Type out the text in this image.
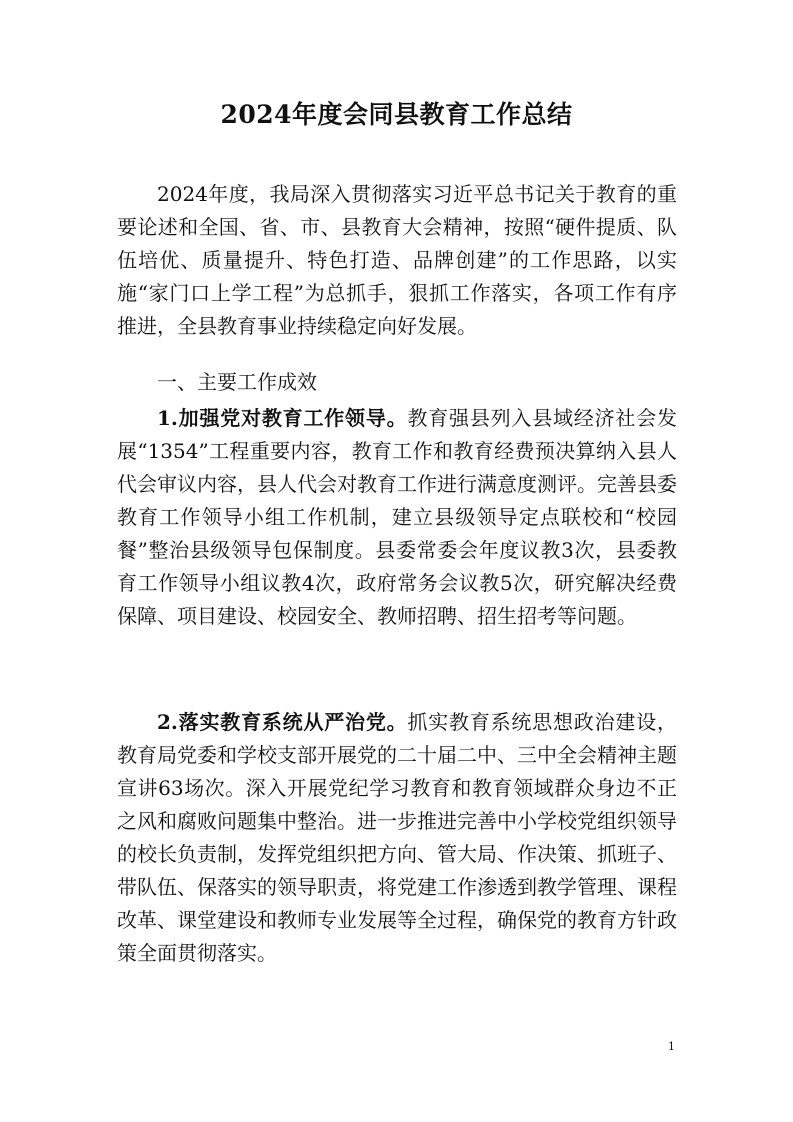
2024年度会同县教育工作总结

2024年度，我局深入贯彻落实习近平总书记关于教育的重要论述和全国、省、市、县教育大会精神，按照“硬件提质、队伍培优、质量提升、特色打造、品牌创建”的工作思路，以实施“家门口上学工程”为总抓手，狠抓工作落实，各项工作有序推进，全县教育事业持续稳定向好发展。

一、主要工作成效

1.加强党对教育工作领导。教育强县列入县域经济社会发展“1354”工程重要内容，教育工作和教育经费预决算纳入县人代会审议内容，县人代会对教育工作进行满意度测评。完善县委教育工作领导小组工作机制，建立县级领导定点联校和“校园餐”整治县级领导包保制度。县委常委会年度议教3次，县委教育工作领导小组议教4次，政府常务会议教5次，研究解决经费保障、项目建设、校园安全、教师招聘、招生招考等问题。

2.落实教育系统从严治党。抓实教育系统思想政治建设，教育局党委和学校支部开展党的二十届二中、三中全会精神主题宣讲63场次。深入开展党纪学习教育和教育领域群众身边不正之风和腐败问题集中整治。进一步推进完善中小学校党组织领导的校长负责制，发挥党组织把方向、管大局、作决策、抓班子、带队伍、保落实的领导职责，将党建工作渗透到教学管理、课程改革、课堂建设和教师专业发展等全过程，确保党的教育方针政策全面贯彻落实。

1
